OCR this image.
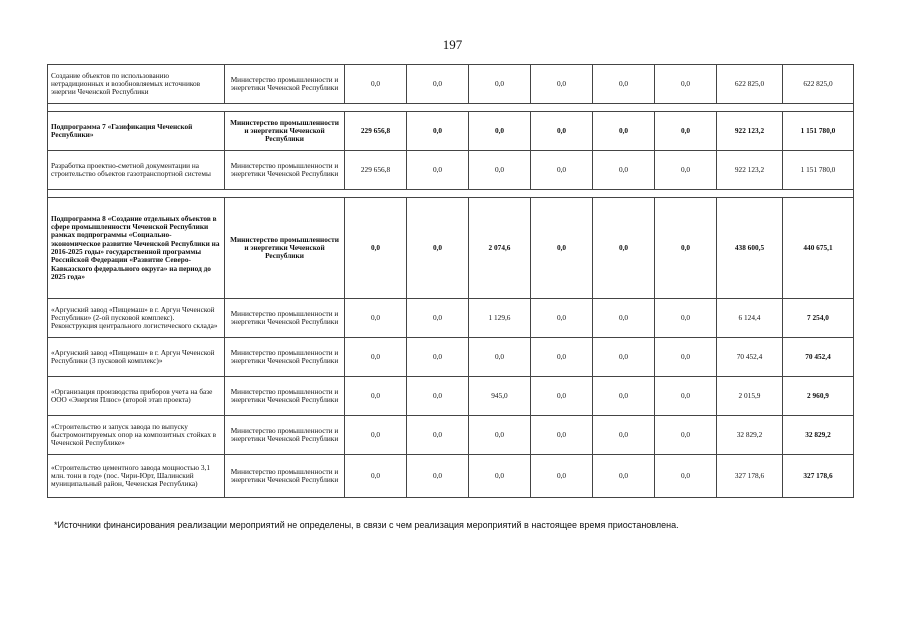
197
Создание объектов по использованию нетрадиционных и возобновляемых источников энергии Чеченской Республики	Министерство промышленности и энергетики Чеченской Республики	0,0	0,0	0,0	0,0	0,0	0,0	622 825,0	622 825,0

Подпрограмма 7 «Газификация Чеченской Республики»	Министерство промышленности и энергетики Чеченской Республики	229 656,8	0,0	0,0	0,0	0,0	0,0	922 123,2	1 151 780,0
Разработка проектно-сметной документации на строительство объектов газотранспортной системы	Министерство промышленности и энергетики Чеченской Республики	229 656,8	0,0	0,0	0,0	0,0	0,0	922 123,2	1 151 780,0

Подпрограмма 8 «Создание отдельных объектов в сфере промышленности Чеченской Республики рамках подпрограммы «Социально-экономическое развитие Чеченской Республики на 2016-2025 годы» государственной программы Российской Федерации «Развитие Северо-Кавказского федерального округа» на период до 2025 года»	Министерство промышленности и энергетики Чеченской Республики	0,0	0,0	2 074,6	0,0	0,0	0,0	438 600,5	440 675,1
«Аргунский завод «Пищемаш» в г. Аргун Чеченской Республики» (2-ой пусковой комплекс). Реконструкция центрального логистического склада»	Министерство промышленности и энергетики Чеченской Республики	0,0	0,0	1 129,6	0,0	0,0	0,0	6 124,4	7 254,0
«Аргунский завод «Пищемаш» в г. Аргун Чеченской Республики (3 пусковой комплекс)»	Министерство промышленности и энергетики Чеченской Республики	0,0	0,0	0,0	0,0	0,0	0,0	70 452,4	70 452,4
«Организация производства приборов учета на базе ООО «Энергия Плюс» (второй этап проекта)	Министерство промышленности и энергетики Чеченской Республики	0,0	0,0	945,0	0,0	0,0	0,0	2 015,9	2 960,9
«Строительство и запуск завода по выпуску быстромонтируемых опор на композитных стойках в Чеченской Республике»	Министерство промышленности и энергетики Чеченской Республики	0,0	0,0	0,0	0,0	0,0	0,0	32 829,2	32 829,2
«Строительство цементного завода мощностью 3,1 млн. тонн в год» (пос. Чири-Юрт, Шалинский муниципальный район, Чеченская Республика)	Министерство промышленности и энергетики Чеченской Республики	0,0	0,0	0,0	0,0	0,0	0,0	327 178,6	327 178,6
*Источники финансирования реализации мероприятий не определены, в связи с чем реализация мероприятий в настоящее время приостановлена.
